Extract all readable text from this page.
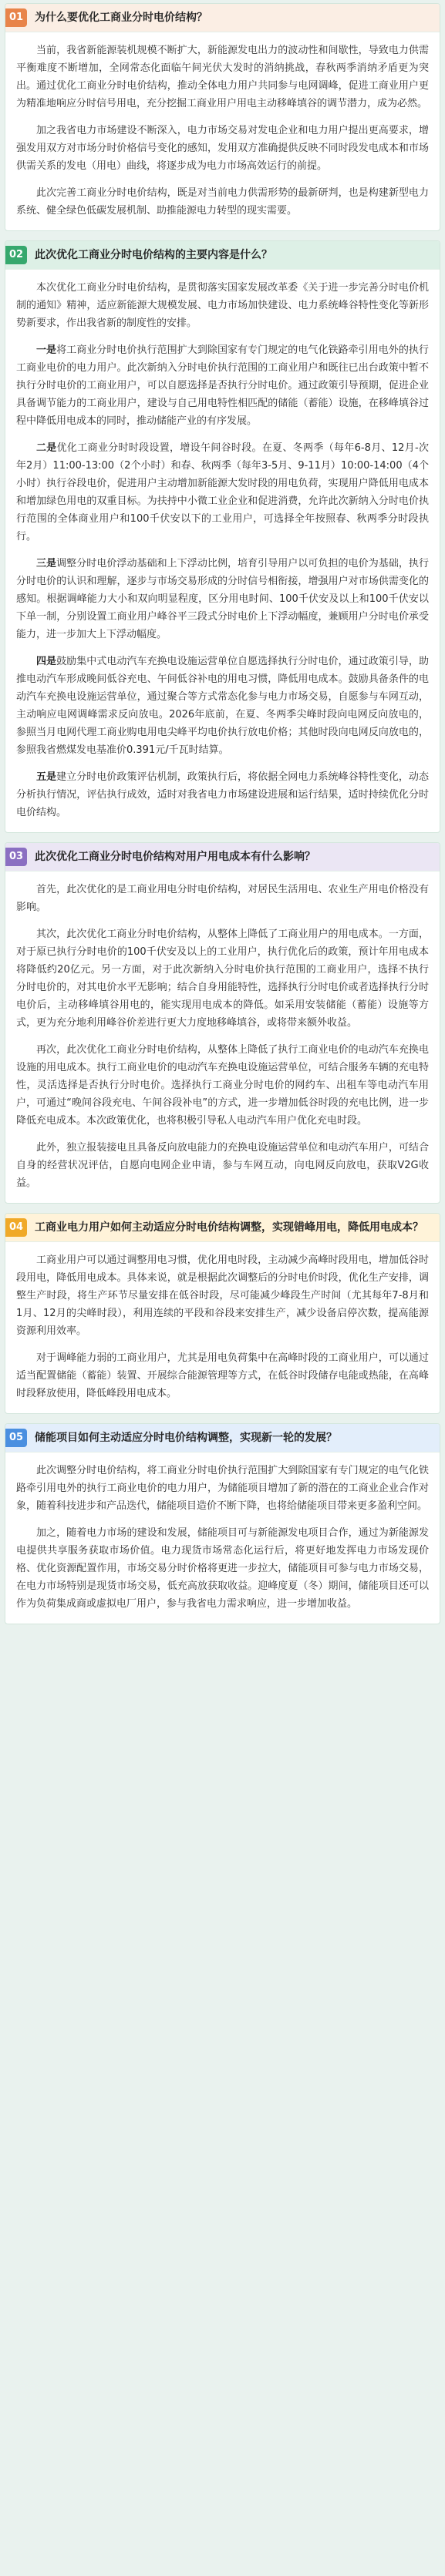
01	为什么要优化工商业分时电价结构？

当前，我省新能源装机规模不断扩大，新能源发电出力的波动性和间歇性，导致电力供需平衡难度不断增加，全网常态化面临午间光伏大发时的消纳挑战，春秋两季消纳矛盾更为突出。通过优化工商业分时电价结构，推动全体电力用户共同参与电网调峰，促进工商业用户更为精准地响应分时信号用电，充分挖掘工商业用户用电主动移峰填谷的调节潜力，成为必然。

加之我省电力市场建设不断深入，电力市场交易对发电企业和电力用户提出更高要求，增强发用双方对市场分时价格信号变化的感知，发用双方准确提供反映不同时段发电成本和市场供需关系的发电（用电）曲线，将逐步成为电力市场高效运行的前提。

此次完善工商业分时电价结构，既是对当前电力供需形势的最新研判，也是构建新型电力系统、健全绿色低碳发展机制、助推能源电力转型的现实需要。

02	此次优化工商业分时电价结构的主要内容是什么？

本次优化工商业分时电价结构，是贯彻落实国家发展改革委《关于进一步完善分时电价机制的通知》精神，适应新能源大规模发展、电力市场加快建设、电力系统峰谷特性变化等新形势新要求，作出我省新的制度性的安排。

一是将工商业分时电价执行范围扩大到除国家有专门规定的电气化铁路牵引用电外的执行工商业电价的电力用户。此次新纳入分时电价执行范围的工商业用户和既往已出台政策中暂不执行分时电价的工商业用户，可以自愿选择是否执行分时电价。通过政策引导预期，促进企业具备调节能力的工商业用户，建设与自己用电特性相匹配的储能（蓄能）设施，在移峰填谷过程中降低用电成本的同时，推动储能产业的有序发展。

二是优化工商业分时时段设置，增设午间谷时段。在夏、冬两季（每年6-8月、12月-次年2月）11:00-13:00（2个小时）和春、秋两季（每年3-5月、9-11月）10:00-14:00（4个小时）执行谷段电价，促进用户主动增加新能源大发时段的用电负荷，实现用户降低用电成本和增加绿色用电的双重目标。为扶持中小微工业企业和促进消费，允许此次新纳入分时电价执行范围的全体商业用户和100千伏安以下的工业用户，可选择全年按照春、秋两季分时段执行。

三是调整分时电价浮动基础和上下浮动比例，培育引导用户以可负担的电价为基础，执行分时电价的认识和理解，逐步与市场交易形成的分时信号相衔接，增强用户对市场供需变化的感知。根据调峰能力大小和双向明显程度，区分用电时间、100千伏安及以上和100千伏安以下单一制，分别设置工商业用户峰谷平三段式分时电价上下浮动幅度，兼顾用户分时电价承受能力，进一步加大上下浮动幅度。

四是鼓励集中式电动汽车充换电设施运营单位自愿选择执行分时电价，通过政策引导，助推电动汽车形成晚间低谷充电、午间低谷补电的用电习惯，降低用电成本。鼓励具备条件的电动汽车充换电设施运营单位，通过聚合等方式常态化参与电力市场交易，自愿参与车网互动，主动响应电网调峰需求反向放电。2026年底前，在夏、冬两季尖峰时段向电网反向放电的，参照当月电网代理工商业购电用电尖峰平均电价执行放电价格；其他时段向电网反向放电的，参照我省燃煤发电基准价0.391元/千瓦时结算。

五是建立分时电价政策评估机制，政策执行后，将依据全网电力系统峰谷特性变化，动态分析执行情况，评估执行成效，适时对我省电力市场建设进展和运行结果，适时持续优化分时电价结构。

03	此次优化工商业分时电价结构对用户用电成本有什么影响？

首先，此次优化的是工商业用电分时电价结构，对居民生活用电、农业生产用电价格没有影响。

其次，此次优化工商业分时电价结构，从整体上降低了工商业用户的用电成本。一方面，对于原已执行分时电价的100千伏安及以上的工业用户，执行优化后的政策，预计年用电成本将降低约20亿元。另一方面，对于此次新纳入分时电价执行范围的工商业用户，选择不执行分时电价的，对其电价水平无影响；结合自身用能特性，选择执行分时电价或者选择执行分时电价后，主动移峰填谷用电的，能实现用电成本的降低。如采用安装储能（蓄能）设施等方式，更为充分地利用峰谷价差进行更大力度地移峰填谷，或将带来额外收益。

再次，此次优化工商业分时电价结构，从整体上降低了执行工商业电价的电动汽车充换电设施的用电成本。执行工商业电价的电动汽车充换电设施运营单位，可结合服务车辆的充电特性，灵活选择是否执行分时电价。选择执行工商业分时电价的网约车、出租车等电动汽车用户，可通过“晚间谷段充电、午间谷段补电”的方式，进一步增加低谷时段的充电比例，进一步降低充电成本。本次政策优化，也将积极引导私人电动汽车用户优化充电时段。

此外，独立报装接电且具备反向放电能力的充换电设施运营单位和电动汽车用户，可结合自身的经营状况评估，自愿向电网企业申请，参与车网互动，向电网反向放电，获取V2G收益。

04	工商业电力用户如何主动适应分时电价结构调整，实现错峰用电，降低用电成本？

工商业用户可以通过调整用电习惯，优化用电时段，主动减少高峰时段用电，增加低谷时段用电，降低用电成本。具体来说，就是根据此次调整后的分时电价时段，优化生产安排，调整生产时段，将生产环节尽量安排在低谷时段，尽可能减少峰段生产时间（尤其每年7-8月和1月、12月的尖峰时段），利用连续的平段和谷段来安排生产，减少设备启停次数，提高能源资源利用效率。

对于调峰能力弱的工商业用户，尤其是用电负荷集中在高峰时段的工商业用户，可以通过适当配置储能（蓄能）装置、开展综合能源管理等方式，在低谷时段储存电能或热能，在高峰时段释放使用，降低峰段用电成本。

05	储能项目如何主动适应分时电价结构调整，实现新一轮的发展？

此次调整分时电价结构，将工商业分时电价执行范围扩大到除国家有专门规定的电气化铁路牵引用电外的执行工商业电价的电力用户，为储能项目增加了新的潜在的工商业企业合作对象，随着科技进步和产品迭代，储能项目造价不断下降，也将给储能项目带来更多盈利空间。

加之，随着电力市场的建设和发展，储能项目可与新能源发电项目合作，通过为新能源发电提供共享服务获取市场价值。电力现货市场常态化运行后，将更好地发挥电力市场发现价格、优化资源配置作用，市场交易分时价格将更进一步拉大，储能项目可参与电力市场交易，在电力市场特别是现货市场交易，低充高放获取收益。迎峰度夏（冬）期间，储能项目还可以作为负荷集成商或虚拟电厂用户，参与我省电力需求响应，进一步增加收益。
